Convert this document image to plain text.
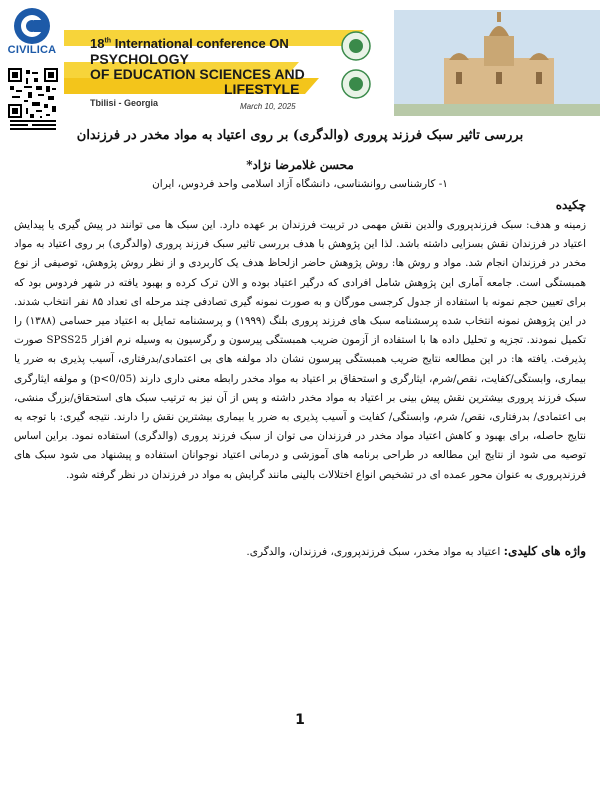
CIVILICA	18th International conference ON
PSYCHOLOGY
OF EDUCATION SCIENCES AND
LIFESTYLE
Tbilisi - Georgia	March 10, 2025
بررسی تاثیر سبک فرزند پروری (والدگری) بر روی اعتیاد به مواد مخدر در فرزندان
محسن غلامرضا نژاد*
۱- کارشناسی روانشناسی، دانشگاه آزاد اسلامی واحد فردوس، ایران
چکیده
زمینه و هدف: سبک فرزندپروری والدین نقش مهمی در تربیت فرزندان بر عهده دارد. این سبک ها می توانند در پیش گیری یا پیدایش اعتیاد در فرزندان نقش بسزایی داشته باشد. لذا این پژوهش با هدف بررسی تاثیر سبک فرزند پروری (والدگری) بر روی اعتیاد به مواد مخدر در فرزندان انجام شد. مواد و روش ها: روش پژوهش حاضر ازلحاظ هدف یک کاربردی و از نظر روش پژوهش، توصیفی از نوع همبستگی است. جامعه آماری این پژوهش شامل افرادی که درگیر اعتیاد بوده و الان ترک کرده و بهبود یافته در شهر فردوس بود که برای تعیین حجم نمونه با استفاده از جدول کرجسی مورگان و به صورت نمونه گیری تصادفی چند مرحله ای تعداد ۸۵ نفر انتخاب شدند. در این پژوهش نمونه انتخاب شده پرسشنامه سبک های فرزند پروری بلنگ (۱۹۹۹) و پرسشنامه تمایل به اعتیاد میر حسامی (۱۳۸۸) را تکمیل نمودند. تجزیه و تحلیل داده ها با استفاده از آزمون ضریب همبستگی پیرسون و رگرسیون به وسیله نرم افزار SPSS25 صورت پذیرفت. یافته ها: در این مطالعه نتایج ضریب همبستگی پیرسون نشان داد مولفه های بی اعتمادی/بدرفتاری، آسیب پذیری به ضرر یا بیماری، وابستگی/کفایت، نقص/شرم، ایثارگری و استحقاق بر اعتیاد به مواد مخدر رابطه معنی داری دارند (p<0/05) و مولفه ایثارگری سبک فرزند پروری بیشترین نقش پیش بینی بر اعتیاد به مواد مخدر داشته و پس از آن نیز به ترتیب سبک های استحقاق/بزرگ منشی، بی اعتمادی/ بدرفتاری، نقص/ شرم، وابستگی/ کفایت و آسیب پذیری به ضرر یا بیماری بیشترین نقش را دارند. نتیجه گیری: با توجه به نتایج حاصله، برای بهبود و کاهش اعتیاد مواد مخدر در فرزندان می توان از سبک فرزند پروری (والدگری) استفاده نمود. براین اساس توصیه می شود از نتایج این مطالعه در طراحی برنامه های آموزشی و درمانی اعتیاد نوجوانان استفاده و پیشنهاد می شود سبک های فرزندپروری به عنوان محور عمده ای در تشخیص انواع اختلالات بالینی مانند گرایش به مواد در فرزندان در نظر گرفته شود.
واژه های کلیدی: اعتیاد به مواد مخدر، سبک فرزندپروری، فرزندان، والدگری.
1
